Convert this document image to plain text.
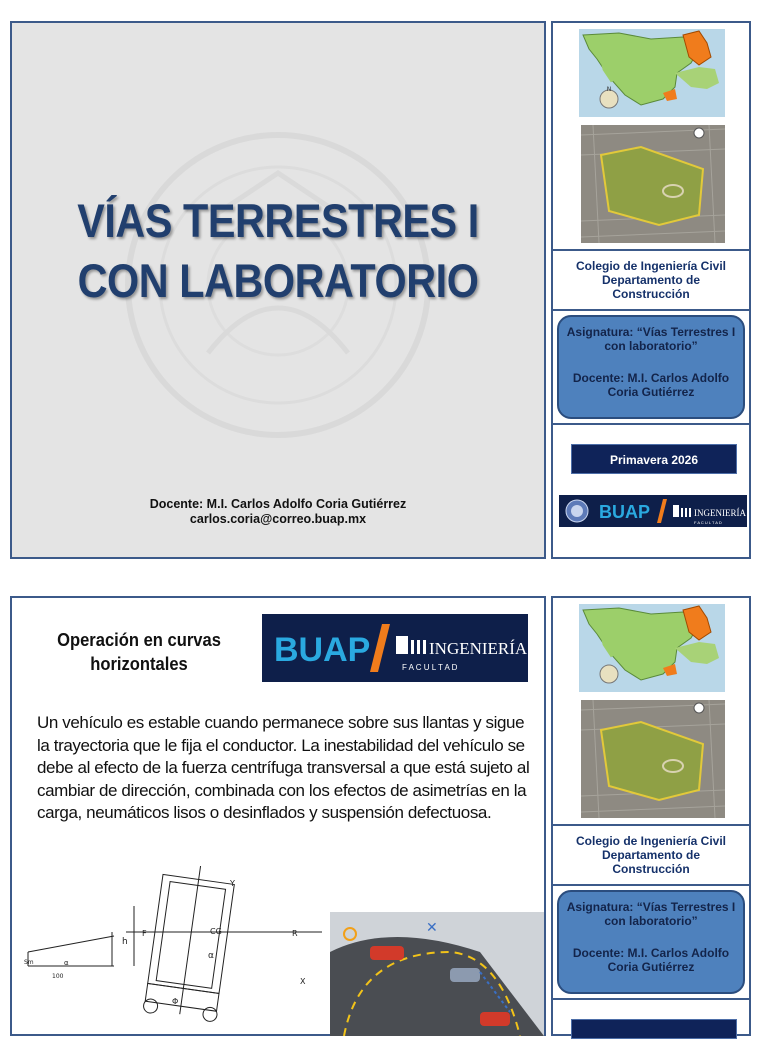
VÍAS TERRESTRES I
CON LABORATORIO
Docente: M.I. Carlos Adolfo Coria Gutiérrez
carlos.coria@correo.buap.mx
N
Colegio de Ingeniería Civil
Departamento de
Construcción
Asignatura: “Vías Terrestres I
con laboratorio”
Docente: M.I. Carlos Adolfo
Coria Gutiérrez
Primavera 2026
BUAP	INGENIERÍA
F A C U L T A D
Operación en curvas
horizontales	BUAP	INGENIERÍA
F A C U L T A D
Un vehículo es estable cuando permanece sobre sus llantas y sigue la trayectoria que le fija el conductor. La inestabilidad del vehículo se debe al efecto de la fuerza centrífuga transversal a que está sujeto al cambiar de dirección, combinada con los efectos de asimetrías en la carga, neumáticos lisos o desinflados y suspensión defectuosa.
Y
X
F	CG	R
α
h
Sm	α
100
Φ
✕
Colegio de Ingeniería Civil
Departamento de
Construcción
Asignatura: “Vías Terrestres I
con laboratorio”
Docente: M.I. Carlos Adolfo
Coria Gutiérrez
